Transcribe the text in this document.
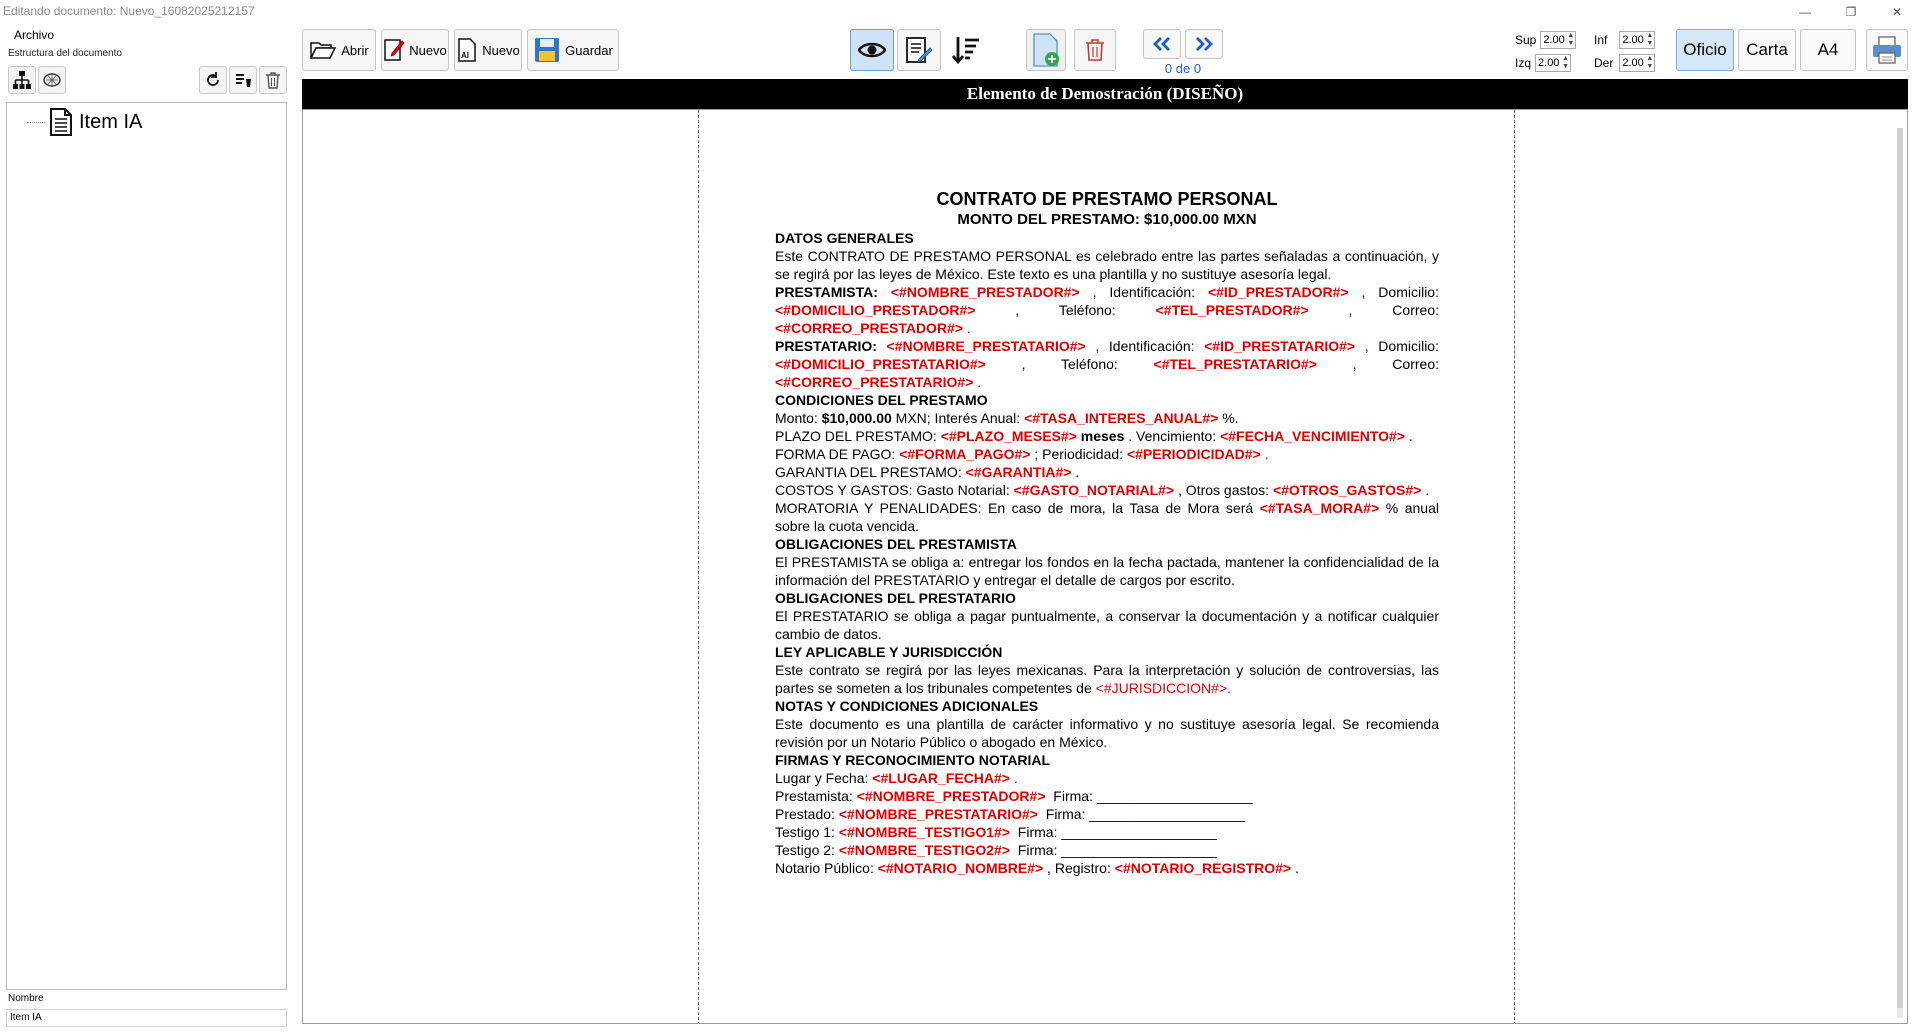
Editando documento: Nuevo_16082025212157	—	❐	✕
Archivo
Estructura del documento
Item IA
Nombre
Item IA
Abrir	Nuevo AI Nuevo	Guardar
0 de 0
Sup 2.00 ▲
▼ Inf 2.00 ▲
▼
Izq 2.00 ▲
▼ Der 2.00 ▲
▼
Oficio	Carta	A4
Elemento de Demostración (DISEÑO)
CONTRATO DE PRESTAMO PERSONAL
MONTO DEL PRESTAMO: $10,000.00 MXN
DATOS GENERALES

Este CONTRATO DE PRESTAMO PERSONAL es celebrado entre las partes señaladas a continuación, y se regirá por las leyes de México. Este texto es una plantilla y no sustituye asesoría legal.

PRESTAMISTA: <#NOMBRE_PRESTADOR#> , Identificación: <#ID_PRESTADOR#> , Domicilio: <#DOMICILIO_PRESTADOR#> , Teléfono: <#TEL_PRESTADOR#> , Correo: <#CORREO_PRESTADOR#> .

PRESTATARIO: <#NOMBRE_PRESTATARIO#> , Identificación: <#ID_PRESTATARIO#> , Domicilio: <#DOMICILIO_PRESTATARIO#> , Teléfono: <#TEL_PRESTATARIO#> , Correo: <#CORREO_PRESTATARIO#> .

CONDICIONES DEL PRESTAMO

Monto: $10,000.00 MXN; Interés Anual: <#TASA_INTERES_ANUAL#> %.

PLAZO DEL PRESTAMO: <#PLAZO_MESES#> meses . Vencimiento: <#FECHA_VENCIMIENTO#> .

FORMA DE PAGO: <#FORMA_PAGO#> ; Periodicidad: <#PERIODICIDAD#> .

GARANTIA DEL PRESTAMO: <#GARANTIA#> .

COSTOS Y GASTOS: Gasto Notarial: <#GASTO_NOTARIAL#> , Otros gastos: <#OTROS_GASTOS#> .

MORATORIA Y PENALIDADES: En caso de mora, la Tasa de Mora será <#TASA_MORA#> % anual sobre la cuota vencida.

OBLIGACIONES DEL PRESTAMISTA

El PRESTAMISTA se obliga a: entregar los fondos en la fecha pactada, mantener la confidencialidad de la información del PRESTATARIO y entregar el detalle de cargos por escrito.

OBLIGACIONES DEL PRESTATARIO

El PRESTATARIO se obliga a pagar puntualmente, a conservar la documentación y a notificar cualquier cambio de datos.

LEY APLICABLE Y JURISDICCIÓN

Este contrato se regirá por las leyes mexicanas. Para la interpretación y solución de controversias, las partes se someten a los tribunales competentes de <#JURISDICCION#>.

NOTAS Y CONDICIONES ADICIONALES

Este documento es una plantilla de carácter informativo y no sustituye asesoría legal. Se recomienda revisión por un Notario Público o abogado en México.

FIRMAS Y RECONOCIMIENTO NOTARIAL

Lugar y Fecha: <#LUGAR_FECHA#> .

Prestamista: <#NOMBRE_PRESTADOR#>  Firma: ____________________

Prestado: <#NOMBRE_PRESTATARIO#>  Firma: ____________________

Testigo 1: <#NOMBRE_TESTIGO1#>  Firma: ____________________

Testigo 2: <#NOMBRE_TESTIGO2#>  Firma: ____________________

Notario Público: <#NOTARIO_NOMBRE#> , Registro: <#NOTARIO_REGISTRO#> .
